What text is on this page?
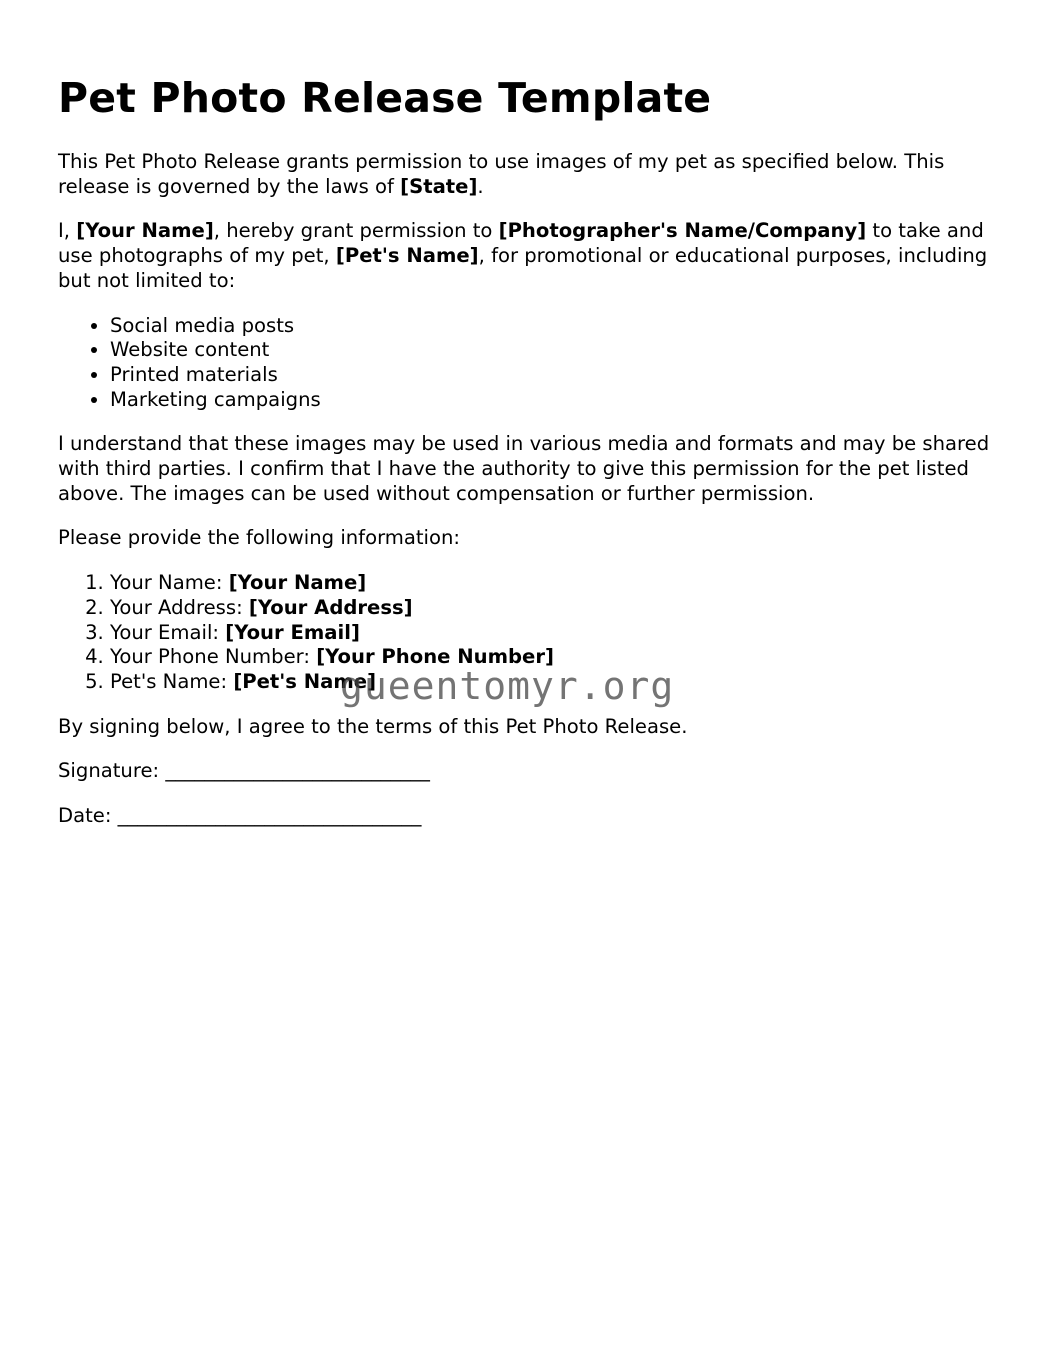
Pet Photo Release Template

This Pet Photo Release grants permission to use images of my pet as specified below. This release is governed by the laws of [State].

I, [Your Name], hereby grant permission to [Photographer's Name/Company] to take and use photographs of my pet, [Pet's Name], for promotional or educational purposes, including but not limited to:

• Social media posts
• Website content
• Printed materials
• Marketing campaigns

I understand that these images may be used in various media and formats and may be shared with third parties. I confirm that I have the authority to give this permission for the pet listed above. The images can be used without compensation or further permission.

Please provide the following information:

1. Your Name: [Your Name]
2. Your Address: [Your Address]
3. Your Email: [Your Email]
4. Your Phone Number: [Your Phone Number]
5. Pet's Name: [Pet's Name]

By signing below, I agree to the terms of this Pet Photo Release.

Signature: ___________________________

Date: _______________________________

gueentomyr.org
